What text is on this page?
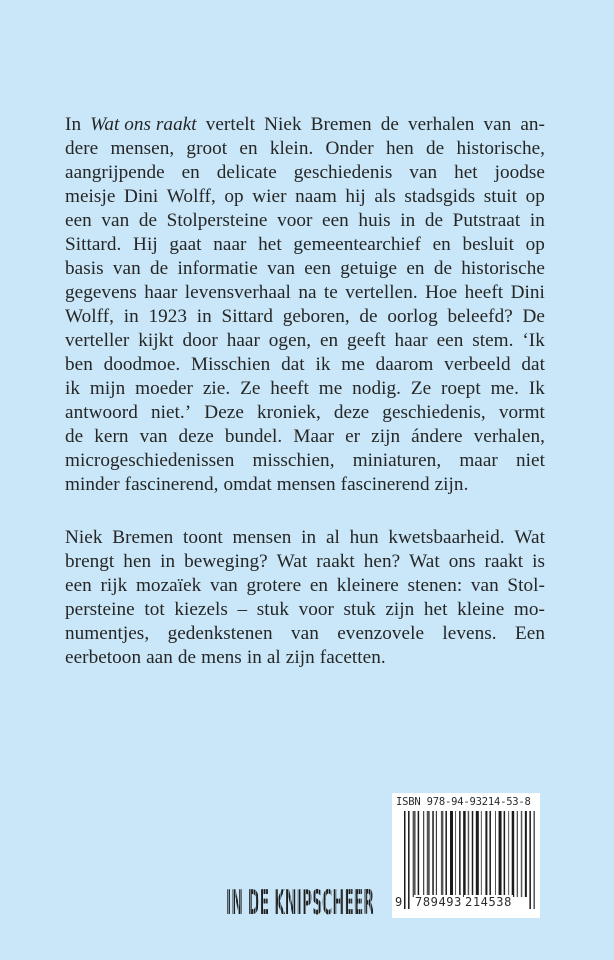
In Wat ons raakt vertelt Niek Bremen de verhalen van an-
dere mensen, groot en klein. Onder hen de historische,
aangrijpende en delicate geschiedenis van het joodse
meisje Dini Wolff, op wier naam hij als stadsgids stuit op
een van de Stolpersteine voor een huis in de Putstraat in
Sittard. Hij gaat naar het gemeentearchief en besluit op
basis van de informatie van een getuige en de historische
gegevens haar levensverhaal na te vertellen. Hoe heeft Dini
Wolff, in 1923 in Sittard geboren, de oorlog beleefd? De
verteller kijkt door haar ogen, en geeft haar een stem. ‘Ik
ben doodmoe. Misschien dat ik me daarom verbeeld dat
ik mijn moeder zie. Ze heeft me nodig. Ze roept me. Ik
antwoord niet.’ Deze kroniek, deze geschiedenis, vormt
de kern van deze bundel. Maar er zijn ándere verhalen,
microgeschiedenissen misschien, miniaturen, maar niet
minder fascinerend, omdat mensen fascinerend zijn.

Niek Bremen toont mensen in al hun kwetsbaarheid. Wat
brengt hen in beweging? Wat raakt hen? Wat ons raakt is
een rijk mozaïek van grotere en kleinere stenen: van Stol-
persteine tot kiezels – stuk voor stuk zijn het kleine mo-
numentjes, gedenkstenen van evenzovele levens. Een
eerbetoon aan de mens in al zijn facetten.

ISBN 978-94-93214-53-8
9 789493 214538
IN DE KNIPSCHEER
